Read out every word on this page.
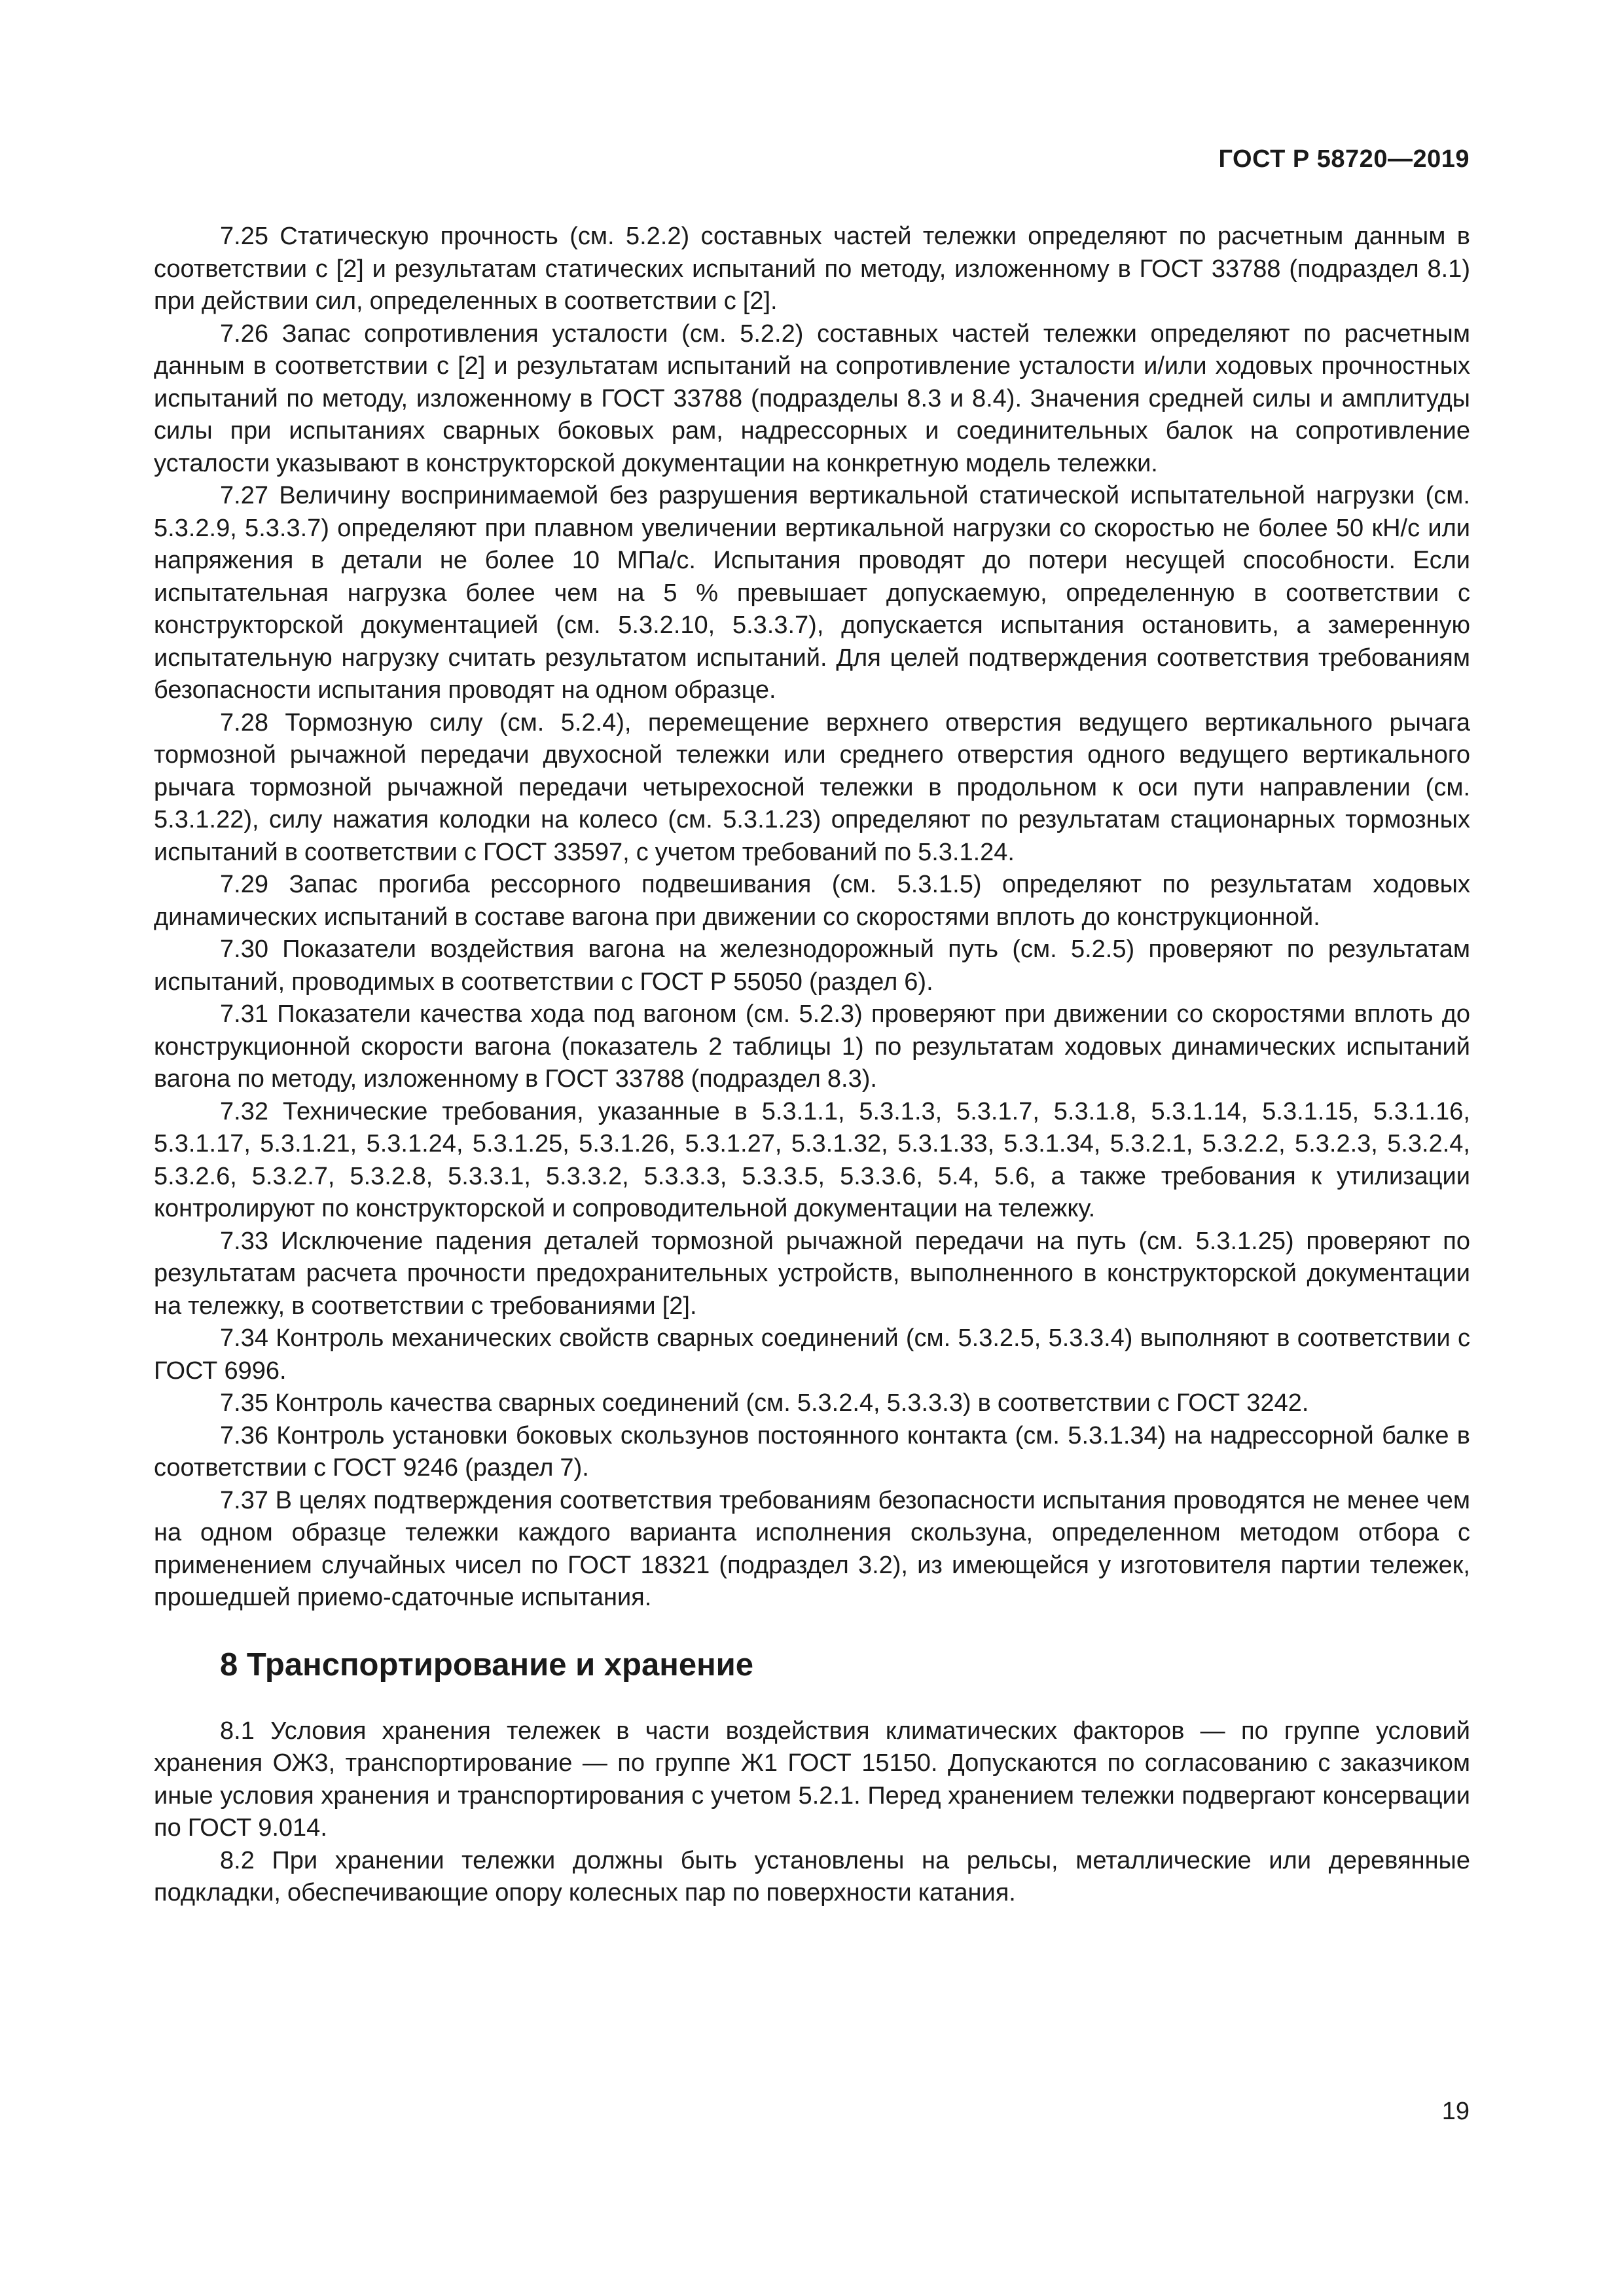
ГОСТ Р 58720—2019

7.25 Статическую прочность (см. 5.2.2) составных частей тележки определяют по расчетным данным в соответствии с [2] и результатам статических испытаний по методу, изложенному в ГОСТ 33788 (подраздел 8.1) при действии сил, определенных в соответствии с [2].

7.26 Запас сопротивления усталости (см. 5.2.2) составных частей тележки определяют по расчетным данным в соответствии с [2] и результатам испытаний на сопротивление усталости и/или ходовых прочностных испытаний по методу, изложенному в ГОСТ 33788 (подразделы 8.3 и 8.4). Значения средней силы и амплитуды силы при испытаниях сварных боковых рам, надрессорных и соединительных балок на сопротивление усталости указывают в конструкторской документации на конкретную модель тележки.

7.27 Величину воспринимаемой без разрушения вертикальной статической испытательной нагрузки (см. 5.3.2.9, 5.3.3.7) определяют при плавном увеличении вертикальной нагрузки со скоростью не более 50 кН/с или напряжения в детали не более 10 МПа/с. Испытания проводят до потери несущей способности. Если испытательная нагрузка более чем на 5 % превышает допускаемую, определенную в соответствии с конструкторской документацией (см. 5.3.2.10, 5.3.3.7), допускается испытания остановить, а замеренную испытательную нагрузку считать результатом испытаний. Для целей подтверждения соответствия требованиям безопасности испытания проводят на одном образце.

7.28 Тормозную силу (см. 5.2.4), перемещение верхнего отверстия ведущего вертикального рычага тормозной рычажной передачи двухосной тележки или среднего отверстия одного ведущего вертикального рычага тормозной рычажной передачи четырехосной тележки в продольном к оси пути направлении (см. 5.3.1.22), силу нажатия колодки на колесо (см. 5.3.1.23) определяют по результатам стационарных тормозных испытаний в соответствии с ГОСТ 33597, с учетом требований по 5.3.1.24.

7.29 Запас прогиба рессорного подвешивания (см. 5.3.1.5) определяют по результатам ходовых динамических испытаний в составе вагона при движении со скоростями вплоть до конструкционной.

7.30 Показатели воздействия вагона на железнодорожный путь (см. 5.2.5) проверяют по результатам испытаний, проводимых в соответствии с ГОСТ Р 55050 (раздел 6).

7.31 Показатели качества хода под вагоном (см. 5.2.3) проверяют при движении со скоростями вплоть до конструкционной скорости вагона (показатель 2 таблицы 1) по результатам ходовых динамических испытаний вагона по методу, изложенному в ГОСТ 33788 (подраздел 8.3).

7.32 Технические требования, указанные в 5.3.1.1, 5.3.1.3, 5.3.1.7, 5.3.1.8, 5.3.1.14, 5.3.1.15, 5.3.1.16, 5.3.1.17, 5.3.1.21, 5.3.1.24, 5.3.1.25, 5.3.1.26, 5.3.1.27, 5.3.1.32, 5.3.1.33, 5.3.1.34, 5.3.2.1, 5.3.2.2, 5.3.2.3, 5.3.2.4, 5.3.2.6, 5.3.2.7, 5.3.2.8, 5.3.3.1, 5.3.3.2, 5.3.3.3, 5.3.3.5, 5.3.3.6, 5.4, 5.6, а также требования к утилизации контролируют по конструкторской и сопроводительной документации на тележку.

7.33 Исключение падения деталей тормозной рычажной передачи на путь (см. 5.3.1.25) проверяют по результатам расчета прочности предохранительных устройств, выполненного в конструкторской документации на тележку, в соответствии с требованиями [2].

7.34 Контроль механических свойств сварных соединений (см. 5.3.2.5, 5.3.3.4) выполняют в соответствии с ГОСТ 6996.

7.35 Контроль качества сварных соединений (см. 5.3.2.4, 5.3.3.3) в соответствии с ГОСТ 3242.

7.36 Контроль установки боковых скользунов постоянного контакта (см. 5.3.1.34) на надрессорной балке в соответствии с ГОСТ 9246 (раздел 7).

7.37 В целях подтверждения соответствия требованиям безопасности испытания проводятся не менее чем на одном образце тележки каждого варианта исполнения скользуна, определенном методом отбора с применением случайных чисел по ГОСТ 18321 (подраздел 3.2), из имеющейся у изготовителя партии тележек, прошедшей приемо-сдаточные испытания.

8 Транспортирование и хранение

8.1 Условия хранения тележек в части воздействия климатических факторов — по группе условий хранения ОЖ3, транспортирование — по группе Ж1 ГОСТ 15150. Допускаются по согласованию с заказчиком иные условия хранения и транспортирования с учетом 5.2.1. Перед хранением тележки подвергают консервации по ГОСТ 9.014.

8.2 При хранении тележки должны быть установлены на рельсы, металлические или деревянные подкладки, обеспечивающие опору колесных пар по поверхности катания.

19
